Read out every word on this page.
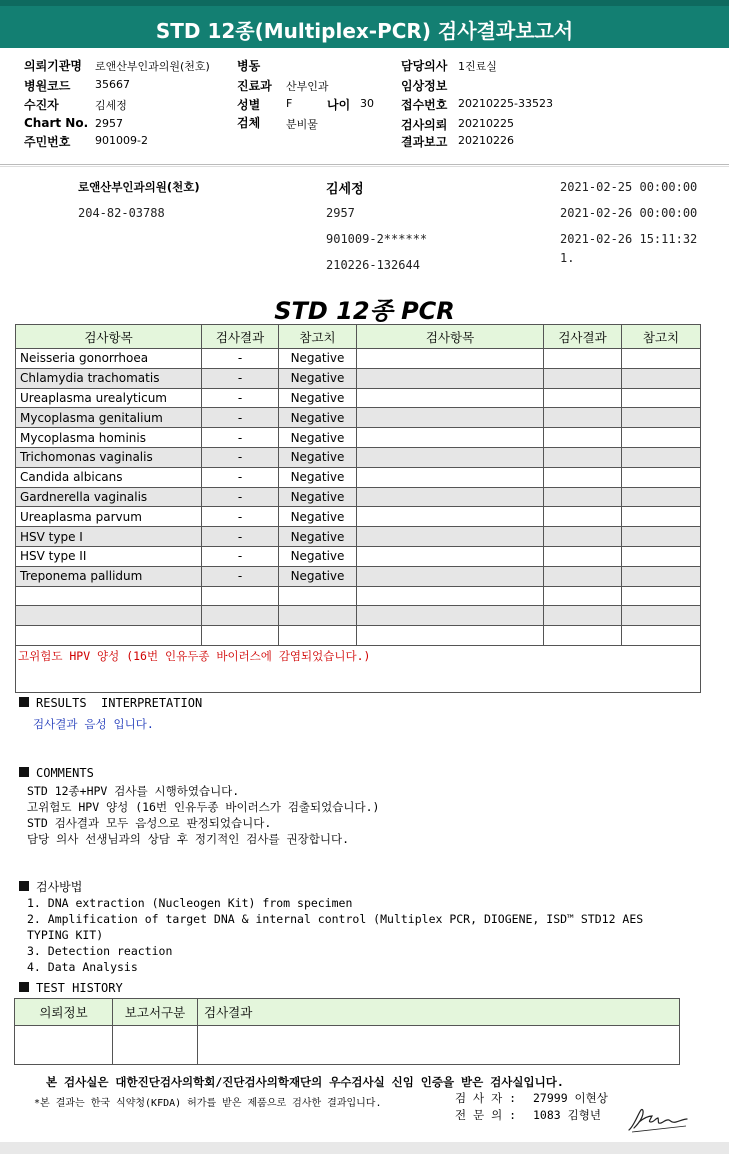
STD 12종(Multiplex-PCR) 검사결과보고서
의뢰기관명 로앤산부인과의원(천호)
병원코드 35667
수진자	김세정
Chart No. 2957
주민번호 901009-2
병동
진료과 산부인과
성별 F	나이 30
검체 분비물
담당의사 1진료실
임상정보
접수번호 20210225-33523
검사의뢰 20210225
결과보고 20210226
로앤산부인과의원(천호)
204-82-03788
김세정
2957
901009-2******
210226-132644
2021-02-25 00:00:00
2021-02-26 00:00:00
2021-02-26 15:11:32
1.
STD 12종 PCR
검사항목	검사결과	참고치	검사항목	검사결과	참고치
Neisseria gonorrhoea	-	Negative			
Chlamydia trachomatis	-	Negative			
Ureaplasma urealyticum	-	Negative			
Mycoplasma genitalium	-	Negative			
Mycoplasma hominis	-	Negative			
Trichomonas vaginalis	-	Negative			
Candida albicans	-	Negative			
Gardnerella vaginalis	-	Negative			
Ureaplasma parvum	-	Negative			
HSV type I	-	Negative			
HSV type II	-	Negative			
Treponema pallidum	-	Negative			

고위험도 HPV 양성 (16번 인유두종 바이러스에 감염되었습니다.)					
RESULTS  INTERPRETATION
검사결과 음성 입니다.
COMMENTS
STD 12종+HPV 검사를 시행하였습니다.
고위험도 HPV 양성 (16번 인유두종 바이러스가 검출되었습니다.)
STD 검사결과 모두 음성으로 판정되었습니다.
담당 의사 선생님과의 상담 후 정기적인 검사를 권장합니다.
검사방법
1. DNA extraction (Nucleogen Kit) from specimen
2. Amplification of target DNA & internal control (Multiplex PCR, DIOGENE, ISD™ STD12 AES
TYPING KIT)
3. Detection reaction
4. Data Analysis
TEST HISTORY
의뢰정보	보고서구분	검사결과

본 검사실은 대한진단검사의학회/진단검사의학재단의 우수검사실 신임 인증을 받은 검사실입니다.
*본 결과는 한국 식약청(KFDA) 허가를 받은 제품으로 검사한 결과입니다.	검 사 자 : 27999 이현상
전 문 의 : 1083 김형년
